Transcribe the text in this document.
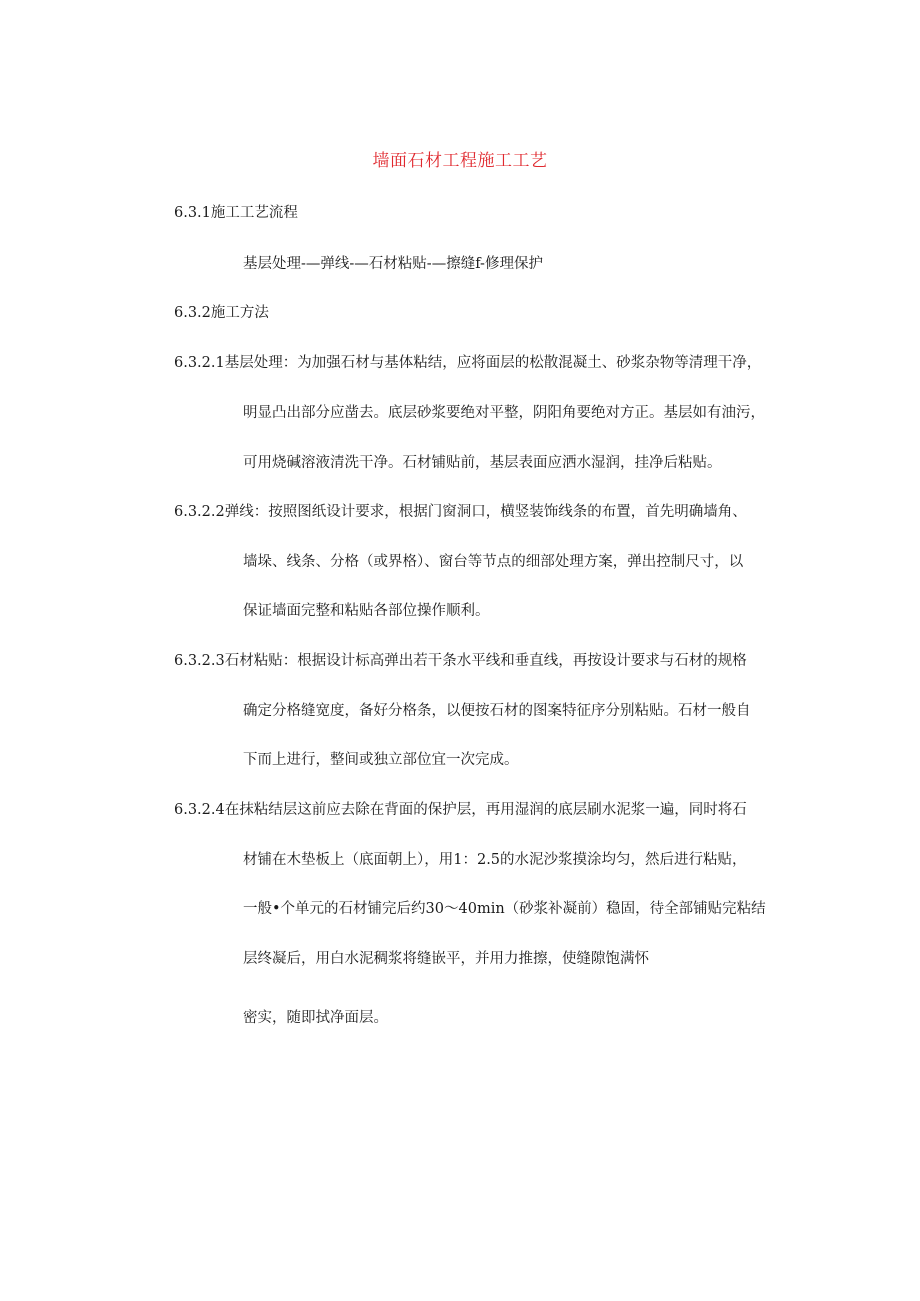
墙面石材工程施工工艺
6.3.1施工工艺流程
基层处理-—弹线-—石材粘贴-—擦缝f-修理保护
6.3.2施工方法
6.3.2.1基层处理：为加强石材与基体粘结，应将面层的松散混凝土、砂浆杂物等清理干净，
明显凸出部分应凿去。底层砂浆要绝对平整，阴阳角要绝对方正。基层如有油污，
可用烧碱溶液清洗干净。石材铺贴前，基层表面应洒水湿润，挂净后粘贴。
6.3.2.2弹线：按照图纸设计要求，根据门窗洞口，横竖装饰线条的布置，首先明确墙角、
墙垛、线条、分格（或界格）、窗台等节点的细部处理方案，弹出控制尺寸，以
保证墙面完整和粘贴各部位操作顺利。
6.3.2.3石材粘贴：根据设计标高弹出若干条水平线和垂直线，再按设计要求与石材的规格
确定分格缝宽度，备好分格条，以便按石材的图案特征序分别粘贴。石材一般自
下而上进行，整间或独立部位宜一次完成。
6.3.2.4在抹粘结层这前应去除在背面的保护层，再用湿润的底层刷水泥浆一遍，同时将石
材铺在木垫板上（底面朝上），用1：2.5的水泥沙浆摸涂均匀，然后进行粘贴，
一般•个单元的石材铺完后约30～40min（砂浆补凝前）稳固，待全部铺贴完粘结
层终凝后，用白水泥稠浆将缝嵌平，并用力推擦，使缝隙饱满怀
密实，随即拭净面层。
